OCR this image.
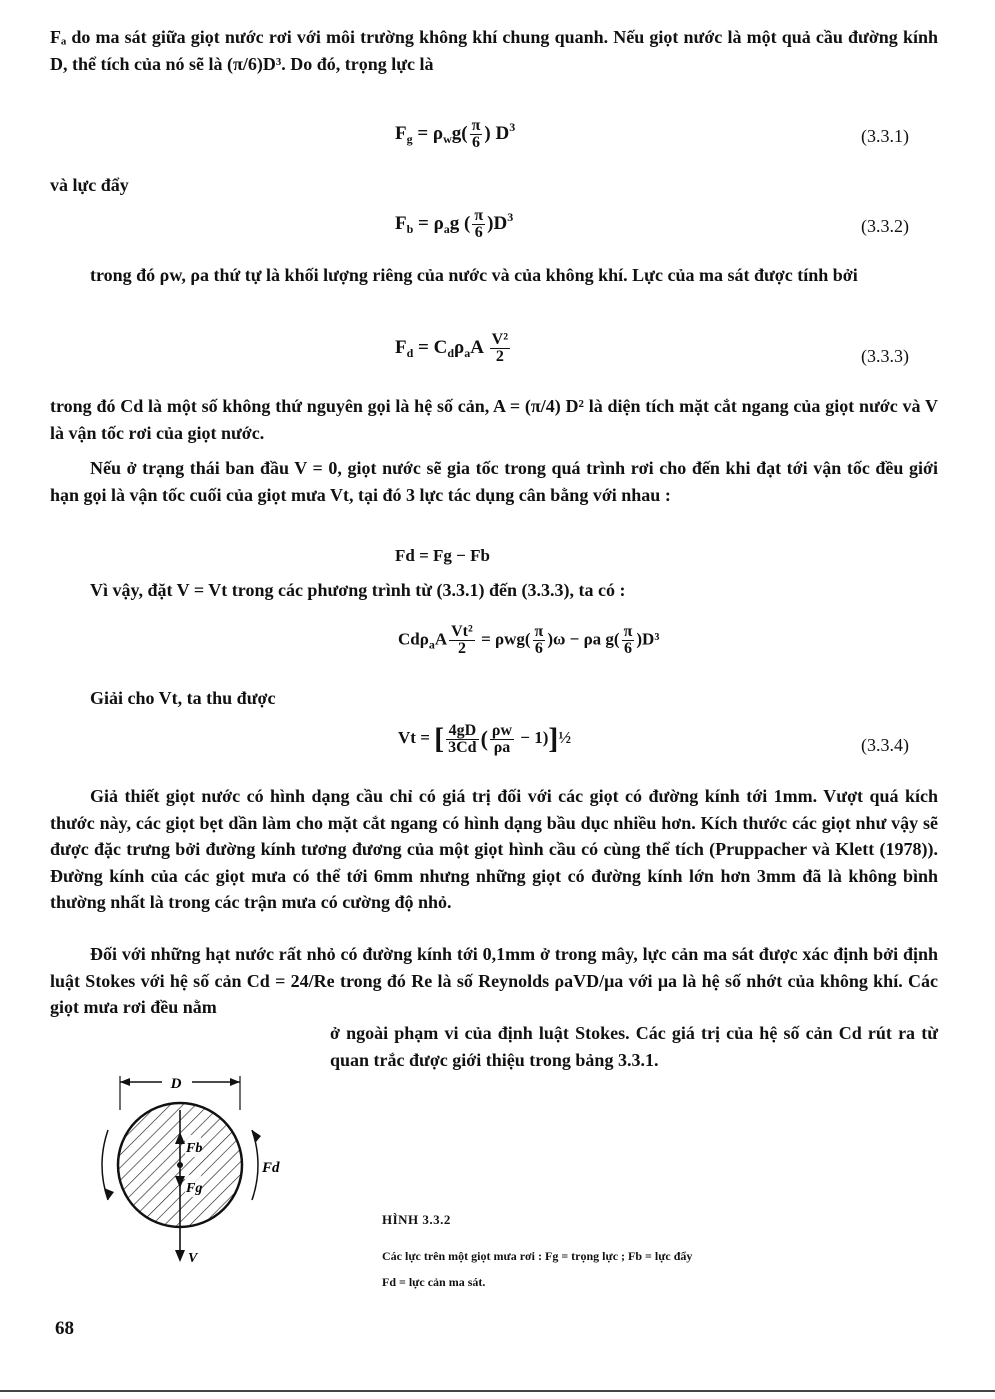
Fₐ do ma sát giữa giọt nước rơi với môi trường không khí chung quanh. Nếu giọt nước là một quả cầu đường kính D, thể tích của nó sẽ là (π/6)D³. Do đó, trọng lực là

$F_g = \rho_wg( \frac{\pi}{6}$ ) $D^3$	(3.3.1)

và lực đẩy

$F_b = \rho_ag$ ( $\frac{\pi}{6} )D^3$	(3.3.2)

trong đó ρw, ρa thứ tự là khối lượng riêng của nước và của không khí. Lực của ma sát được tính bởi

$F_d = C_d\rho_aA \frac{\text{V²}}{2}$	(3.3.3)

trong đó Cd là một số không thứ nguyên gọi là hệ số cản, A = (π/4) D² là diện tích mặt cắt ngang của giọt nước và V là vận tốc rơi của giọt nước.

Nếu ở trạng thái ban đầu V = 0, giọt nước sẽ gia tốc trong quá trình rơi cho đến khi đạt tới vận tốc đều giới hạn gọi là vận tốc cuối của giọt mưa Vt, tại đó 3 lực tác dụng cân bằng với nhau :

Fd = Fg − Fb

Vì vậy, đặt V = Vt trong các phương trình từ (3.3.1) đến (3.3.3), ta có :

$Cd\rho_aA \frac{\text{Vt²}}{2} = \rho wg( \frac{\pi}{6} )\omega - \rho a$ $g( \frac{\pi}{6} )D^3$

Giải cho Vt, ta thu được

Vt = [ $\frac{4gD}{3Cd}$ ( $\frac{\rho w}{\rho a}$ − 1)]½	(3.3.4)

Giả thiết giọt nước có hình dạng cầu chỉ có giá trị đối với các giọt có đường kính tới 1mm. Vượt quá kích thước này, các giọt bẹt dần làm cho mặt cắt ngang có hình dạng bầu dục nhiều hơn. Kích thước các giọt như vậy sẽ được đặc trưng bởi đường kính tương đương của một giọt hình cầu có cùng thể tích (Pruppacher và Klett (1978)). Đường kính của các giọt mưa có thể tới 6mm nhưng những giọt có đường kính lớn hơn 3mm đã là không bình thường nhất là trong các trận mưa có cường độ nhỏ.

Đối với những hạt nước rất nhỏ có đường kính tới 0,1mm ở trong mây, lực cản ma sát được xác định bởi định luật Stokes với hệ số cản Cd = 24/Re trong đó Re là số Reynolds ρaVD/μa với μa là hệ số nhớt của không khí. Các giọt mưa rơi đều nằm

ở ngoài phạm vi của định luật Stokes. Các giá trị của hệ số cản Cd rút ra từ quan trắc được giới thiệu trong bảng 3.3.1.

D
Fb
Fg
Fd
V
HÌNH 3.3.2
Các lực trên một giọt mưa rơi : Fg = trọng lực ; Fb = lực đẩy
Fd = lực cản ma sát.
68
